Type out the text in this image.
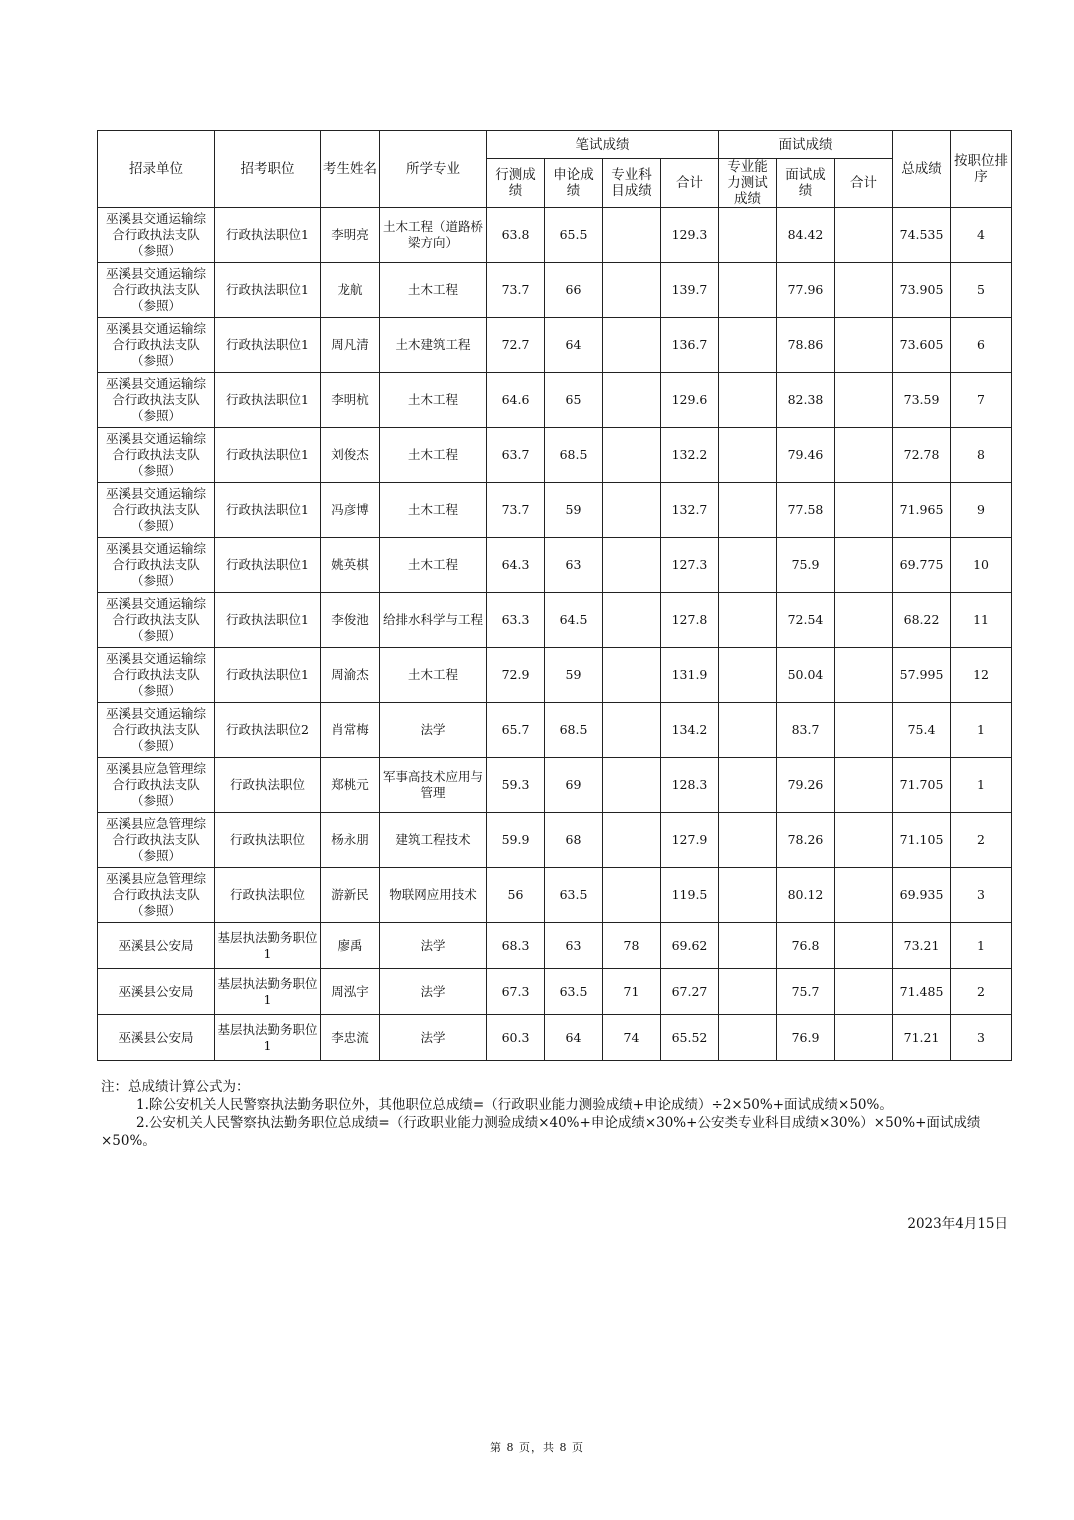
招录单位	招考职位	考生姓名	所学专业	笔试成绩				面试成绩			总成绩	按职位排序
				行测成绩	申论成绩	专业科目成绩	合计	专业能力测试成绩	面试成绩	合计		
巫溪县交通运输综合行政执法支队（参照）	行政执法职位1	李明亮	土木工程（道路桥梁方向）	63.8	65.5		129.3		84.42		74.535	4
巫溪县交通运输综合行政执法支队（参照）	行政执法职位1	龙航	土木工程	73.7	66		139.7		77.96		73.905	5
巫溪县交通运输综合行政执法支队（参照）	行政执法职位1	周凡清	土木建筑工程	72.7	64		136.7		78.86		73.605	6
巫溪县交通运输综合行政执法支队（参照）	行政执法职位1	李明杭	土木工程	64.6	65		129.6		82.38		73.59	7
巫溪县交通运输综合行政执法支队（参照）	行政执法职位1	刘俊杰	土木工程	63.7	68.5		132.2		79.46		72.78	8
巫溪县交通运输综合行政执法支队（参照）	行政执法职位1	冯彦博	土木工程	73.7	59		132.7		77.58		71.965	9
巫溪县交通运输综合行政执法支队（参照）	行政执法职位1	姚英棋	土木工程	64.3	63		127.3		75.9		69.775	10
巫溪县交通运输综合行政执法支队（参照）	行政执法职位1	李俊池	给排水科学与工程	63.3	64.5		127.8		72.54		68.22	11
巫溪县交通运输综合行政执法支队（参照）	行政执法职位1	周渝杰	土木工程	72.9	59		131.9		50.04		57.995	12
巫溪县交通运输综合行政执法支队（参照）	行政执法职位2	肖常梅	法学	65.7	68.5		134.2		83.7		75.4	1
巫溪县应急管理综合行政执法支队（参照）	行政执法职位	郑桃元	军事高技术应用与管理	59.3	69		128.3		79.26		71.705	1
巫溪县应急管理综合行政执法支队（参照）	行政执法职位	杨永朋	建筑工程技术	59.9	68		127.9		78.26		71.105	2
巫溪县应急管理综合行政执法支队（参照）	行政执法职位	游新民	物联网应用技术	56	63.5		119.5		80.12		69.935	3
巫溪县公安局	基层执法勤务职位1	廖禹	法学	68.3	63	78	69.62		76.8		73.21	1
巫溪县公安局	基层执法勤务职位1	周泓宇	法学	67.3	63.5	71	67.27		75.7		71.485	2
巫溪县公安局	基层执法勤务职位1	李忠流	法学	60.3	64	74	65.52		76.9		71.21	3
注：总成绩计算公式为：
1.除公安机关人民警察执法勤务职位外，其他职位总成绩=（行政职业能力测验成绩+申论成绩）÷2×50%+面试成绩×50%。
2.公安机关人民警察执法勤务职位总成绩=（行政职业能力测验成绩×40%+申论成绩×30%+公安类专业科目成绩×30%）×50%+面试成绩×50%。
2023年4月15日
第 8 页，共 8 页
